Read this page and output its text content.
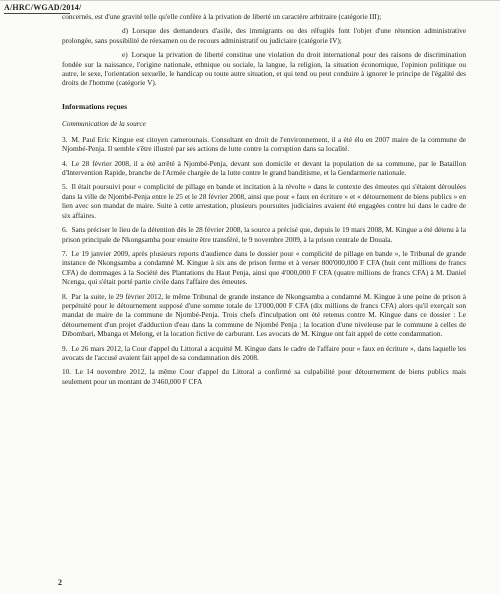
A/HRC/WGAD/2014/

concernés, est d'une gravité telle qu'elle confère à la privation de liberté un caractère arbitraire (catégorie III);

d) Lorsque des demandeurs d'asile, des immigrants ou des réfugiés font l'objet d'une rétention administrative prolongée, sans possibilité de réexamen ou de recours administratif ou judiciaire (catégorie IV);

e) Lorsque la privation de liberté constitue une violation du droit international pour des raisons de discrimination fondée sur la naissance, l'origine nationale, ethnique ou sociale, la langue, la religion, la situation économique, l'opinion politique ou autre, le sexe, l'orientation sexuelle, le handicap ou toute autre situation, et qui tend ou peut conduire à ignorer le principe de l'égalité des droits de l'homme (catégorie V).

Informations reçues

Communication de la source

3. M. Paul Eric Kingue est citoyen camerounais. Consultant en droit de l'environnement, il a été élu en 2007 maire de la commune de Njombé-Penja. Il semble s'être illustré par ses actions de lutte contre la corruption dans sa localité.

4. Le 28 février 2008, il a été arrêté à Njombé-Penja, devant son domicile et devant la population de sa commune, par le Bataillon d'Intervention Rapide, branche de l'Armée chargée de la lutte contre le grand banditisme, et la Gendarmerie nationale.

5. Il était poursuivi pour « complicité de pillage en bande et incitation à la révolte » dans le contexte des émeutes qui s'étaient déroulées dans la ville de Njombé-Penja entre le 25 et le 28 février 2008, ainsi que pour « faux en écriture » et « détournement de biens publics » en lien avec son mandat de maire. Suite à cette arrestation, plusieurs poursuites judiciaires avaient été engagées contre lui dans le cadre de six affaires.

6. Sans préciser le lieu de la détention dès le 28 février 2008, la source a précisé que, depuis le 19 mars 2008, M. Kingue a été détenu à la prison principale de Nkongsamba pour ensuite être transféré, le 9 novembre 2009, à la prison centrale de Douala.

7. Le 19 janvier 2009, après plusieurs reports d'audience dans le dossier pour « complicité de pillage en bande », le Tribunal de grande instance de Nkongsamba a condamné M. Kingue à six ans de prison ferme et à verser 800'000,000 F CFA (huit cent millions de francs CFA) de dommages à la Société des Plantations du Haut Penja, ainsi que 4'000,000 F CFA (quatre millions de francs CFA) à M. Daniel Ncenga, qui s'était porté partie civile dans l'affaire des émeutes.

8. Par la suite, le 29 février 2012, le même Tribunal de grande instance de Nkongsamba a condamné M. Kingue à une peine de prison à perpétuité pour le détournement supposé d'une somme totale de 13'000,000 F CFA (dix millions de francs CFA) alors qu'il exerçait son mandat de maire de la commune de Njombé-Penja. Trois chefs d'inculpation ont été retenus contre M. Kingue dans ce dossier : Le détournement d'un projet d'adduction d'eau dans la commune de Njombé Penja ; la location d'une niveleuse par le commune à celles de Dibombari, Mbanga et Melong, et la location fictive de carburant. Les avocats de M. Kingue ont fait appel de cette condamnation.

9. Le 26 mars 2012, la Cour d'appel du Littoral a acquitté M. Kingue dans le cadre de l'affaire pour « faux en écriture », dans laquelle les avocats de l'accusé avaient fait appel de sa condamnation dès 2008.

10. Le 14 novembre 2012, la même Cour d'appel du Littoral a confirmé sa culpabilité pour détournement de biens publics mais seulement pour un montant de 3'460,000 F CFA

2
